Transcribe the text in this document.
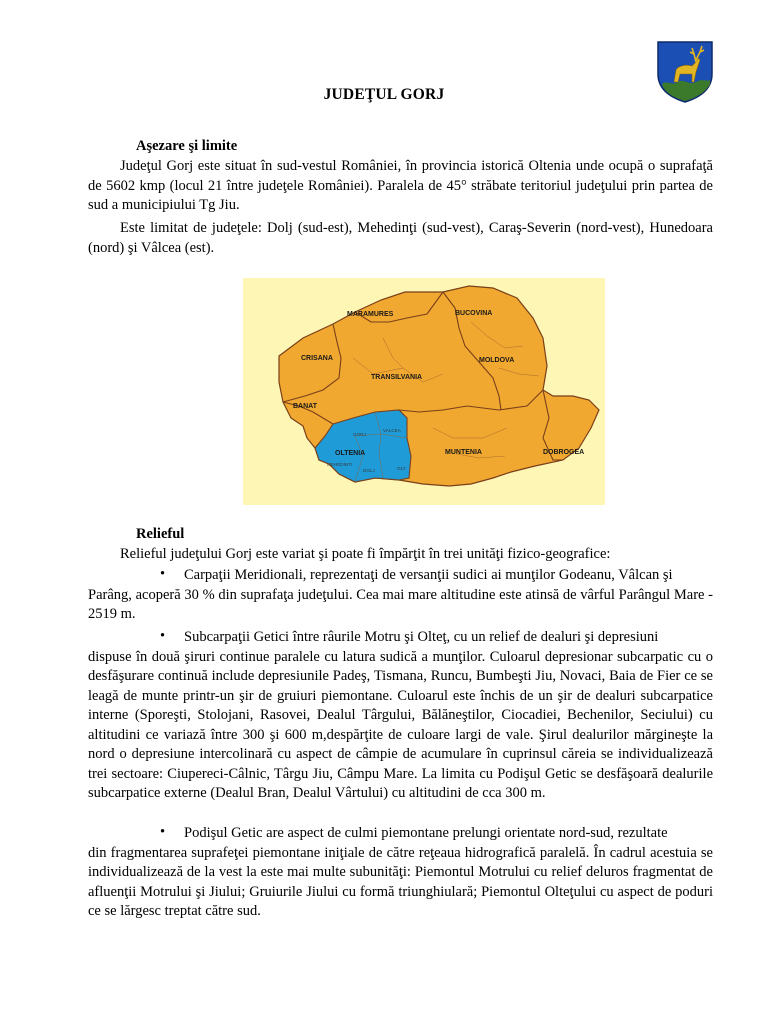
JUDEŢUL GORJ
Aşezare şi limite
Judeţul Gorj este situat în sud-vestul României, în provincia istorică Oltenia unde ocupă o suprafaţă de 5602 kmp (locul 21 între judeţele României). Paralela de 45° străbate teritoriul judeţului prin partea de sud a municipiului Tg Jiu.
Este limitat de judeţele: Dolj (sud-est), Mehedinţi (sud-vest), Caraş-Severin (nord-vest), Hunedoara (nord) şi Vâlcea (est).
MARAMURES	BUCOVINA
CRISANA	MOLDOVA
TRANSILVANIA
BANAT
OLTENIA	MUNTENIA	DOBROGEA
GORJ
VALCEA
MEHEDINTI
DOLJ	OLT
Relieful
Relieful judeţului Gorj este variat şi poate fi împărţit în trei unităţi fizico-geografice:
• Carpaţii Meridionali, reprezentaţi de versanţii sudici ai munţilor Godeanu, Vâlcan şi
Parâng, acoperă 30 % din suprafaţa judeţului. Cea mai mare altitudine este atinsă de vârful Parângul Mare - 2519 m.
• Subcarpaţii Getici între râurile Motru şi Olteţ, cu un relief de dealuri şi depresiuni
dispuse în două şiruri continue paralele cu latura sudică a munţilor. Culoarul depresionar subcarpatic cu o desfăşurare continuă include depresiunile Padeş, Tismana, Runcu, Bumbeşti Jiu, Novaci, Baia de Fier ce se leagă de munte printr-un şir de gruiuri piemontane. Culoarul este închis de un şir de dealuri subcarpatice interne (Sporeşti, Stolojani, Rasovei, Dealul Târgului, Bălăneştilor, Ciocadiei, Bechenilor, Seciului) cu altitudini ce variază între 300 şi 600 m,despărţite de culoare largi de vale. Şirul dealurilor mărgineşte la nord o depresiune intercolinară cu aspect de câmpie de acumulare în cuprinsul căreia se individualizează trei sectoare: Ciupereci-Câlnic, Târgu Jiu, Câmpu Mare. La limita cu Podişul Getic se desfăşoară dealurile subcarpatice externe (Dealul Bran, Dealul Vârtului) cu altitudini de cca 300 m.
• Podişul Getic are aspect de culmi piemontane prelungi orientate nord-sud, rezultate
din fragmentarea suprafeţei piemontane iniţiale de către reţeaua hidrografică paralelă. În cadrul acestuia se individualizează de la vest la este mai multe subunităţi: Piemontul Motrului cu relief deluros fragmentat de afluenţii Motrului şi Jiului; Gruiurile Jiului cu formă triunghiulară; Piemontul Olteţului cu aspect de poduri ce se lărgesc treptat către sud.
